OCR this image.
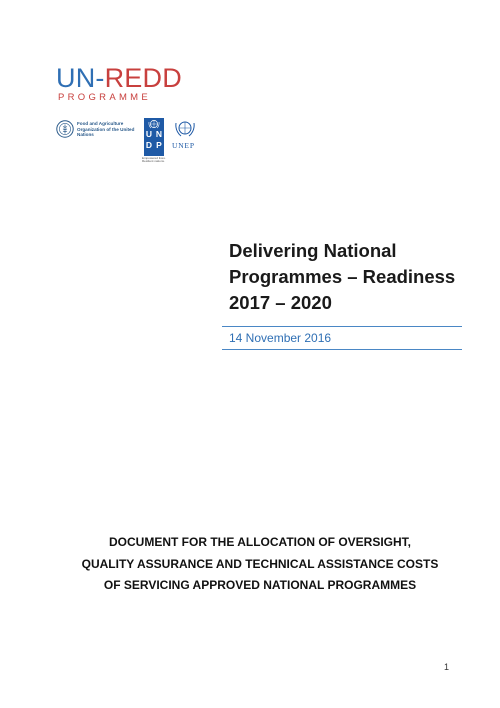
UN-REDD
PROGRAMME
Food and Agriculture Organization of the United Nations	U N
D P
Empowered lives. Resilient nations.
UNEP
Delivering National
Programmes – Readiness
2017 – 2020
14 November 2016
DOCUMENT FOR THE ALLOCATION OF OVERSIGHT,
QUALITY ASSURANCE AND TECHNICAL ASSISTANCE COSTS
OF SERVICING APPROVED NATIONAL PROGRAMMES
1
